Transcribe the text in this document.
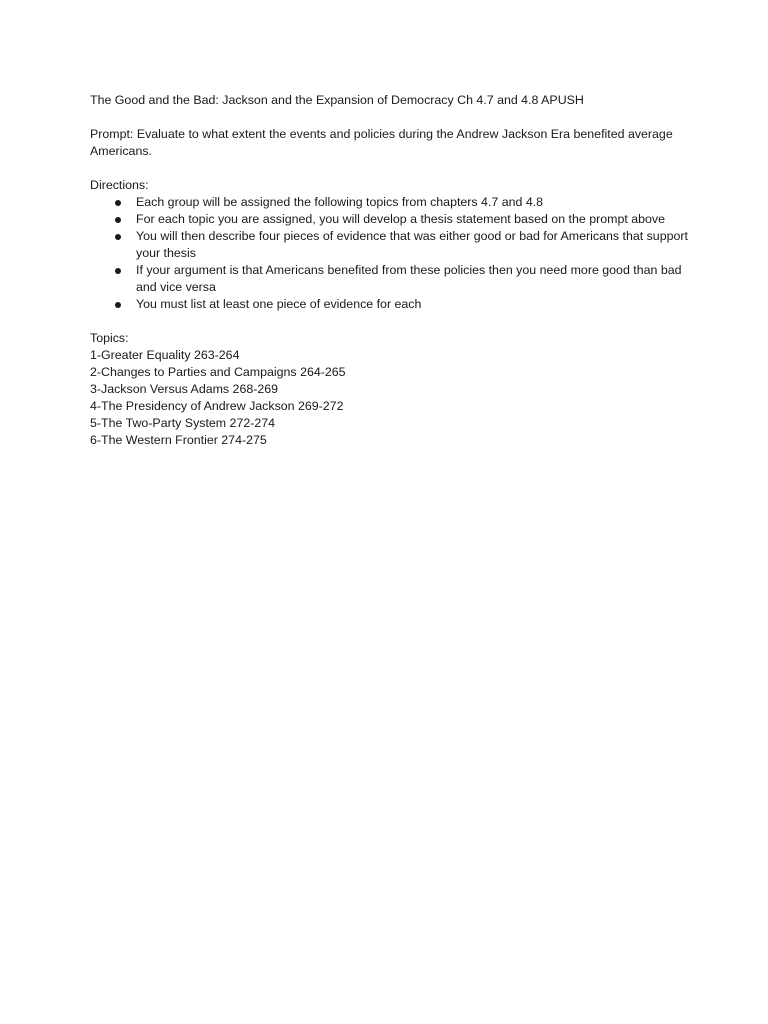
The Good and the Bad: Jackson and the Expansion of Democracy Ch 4.7 and 4.8 APUSH

Prompt: Evaluate to what extent the events and policies during the Andrew Jackson Era benefited average Americans.

Directions:

Each group will be assigned the following topics from chapters 4.7 and 4.8
For each topic you are assigned, you will develop a thesis statement based on the prompt above
You will then describe four pieces of evidence that was either good or bad for Americans that support your thesis
If your argument is that Americans benefited from these policies then you need more good than bad and vice versa
You must list at least one piece of evidence for each

Topics:

1-Greater Equality 263-264

2-Changes to Parties and Campaigns 264-265

3-Jackson Versus Adams 268-269

4-The Presidency of Andrew Jackson 269-272

5-The Two-Party System 272-274

6-The Western Frontier 274-275
